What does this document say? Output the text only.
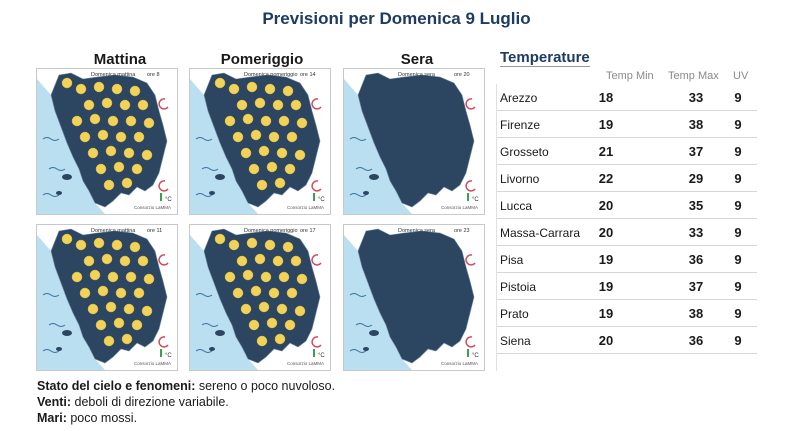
Previsioni per Domenica 9 Luglio
Mattina	Pomeriggio	Sera
°C
Domenica mattina ore 8
Consorzio LaMMA
°C
Domenica pomeriggio ore 14
Consorzio LaMMA
°C
Domenica sera	ore 20
Consorzio LaMMA
°C
Domenica mattina ore 11
Consorzio LaMMA
°C
Domenica pomeriggio ore 17
Consorzio LaMMA
°C
Domenica sera	ore 23
Consorzio LaMMA
Temperature
Temp Min Temp Max UV
Arezzo	18	33	9
Firenze	19	38	9
Grosseto	21	37	9
Livorno	22	29	9
Lucca	20	35	9
Massa-Carrara	20	33	9
Pisa	19	36	9
Pistoia	19	37	9
Prato	19	38	9
Siena	20	36	9
Stato del cielo e fenomeni: sereno o poco nuvoloso.
Venti: deboli di direzione variabile.
Mari: poco mossi.
